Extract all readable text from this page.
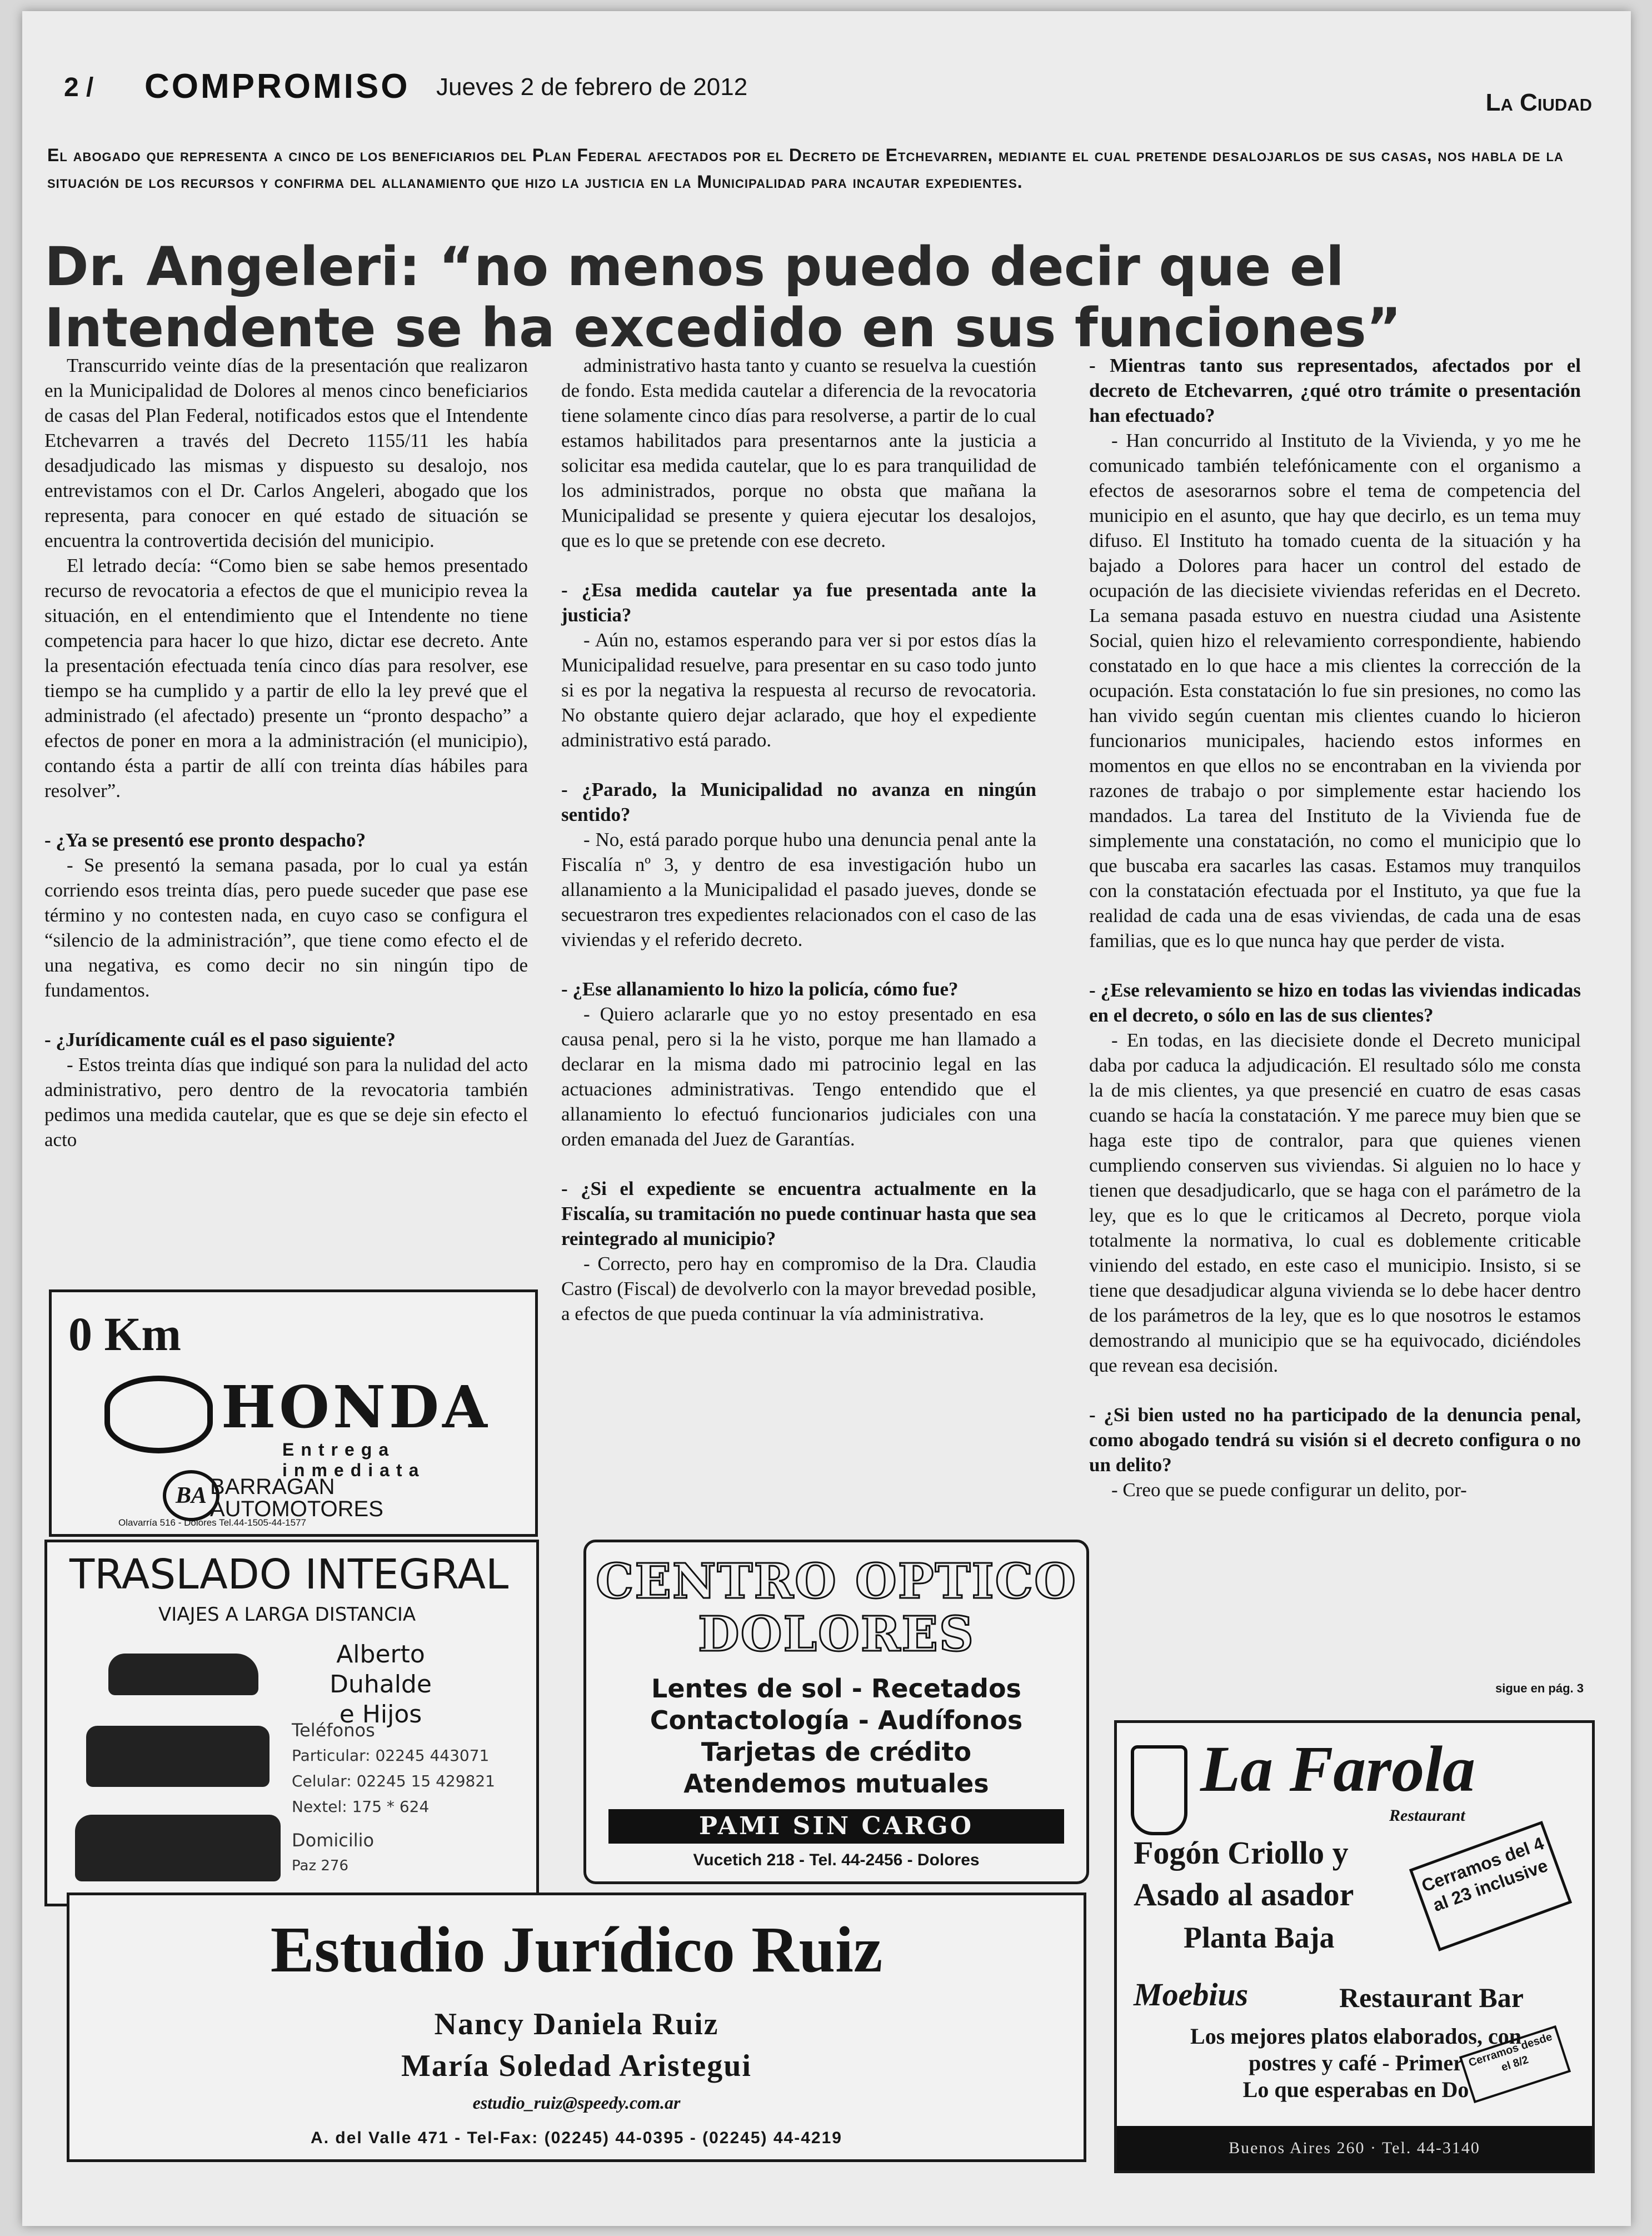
2 / COMPROMISO Jueves 2 de febrero de 2012
La Ciudad
El abogado que representa a cinco de los beneficiarios del Plan Federal afectados por el Decreto de Etchevarren, mediante el cual pretende desalojarlos de sus casas, nos habla de la situación de los recursos y confirma del allanamiento que hizo la justicia en la Municipalidad para incautar expedientes.
Dr. Angeleri: “no menos puedo decir que el Intendente se ha excedido en sus funciones”

Transcurrido veinte días de la presentación que realizaron en la Municipalidad de Dolores al menos cinco beneficiarios de casas del Plan Federal, notificados estos que el Intendente Etchevarren a través del Decreto 1155/11 les había desadjudicado las mismas y dispuesto su desalojo, nos entrevistamos con el Dr. Carlos Angeleri, abogado que los representa, para conocer en qué estado de situación se encuentra la controvertida decisión del municipio.

El letrado decía: “Como bien se sabe hemos presentado recurso de revocatoria a efectos de que el municipio revea la situación, en el entendimiento que el Intendente no tiene competencia para hacer lo que hizo, dictar ese decreto. Ante la presentación efectuada tenía cinco días para resolver, ese tiempo se ha cumplido y a partir de ello la ley prevé que el administrado (el afectado) presente un “pronto despacho” a efectos de poner en mora a la administración (el municipio), contando ésta a partir de allí con treinta días hábiles para resolver”.

- ¿Ya se presentó ese pronto despacho?

- Se presentó la semana pasada, por lo cual ya están corriendo esos treinta días, pero puede suceder que pase ese término y no contesten nada, en cuyo caso se configura el “silencio de la administración”, que tiene como efecto el de una negativa, es como decir no sin ningún tipo de fundamentos.

- ¿Jurídicamente cuál es el paso siguiente?

- Estos treinta días que indiqué son para la nulidad del acto administrativo, pero dentro de la revocatoria también pedimos una medida cautelar, que es que se deje sin efecto el acto

administrativo hasta tanto y cuanto se resuelva la cuestión de fondo. Esta medida cautelar a diferencia de la revocatoria tiene solamente cinco días para resolverse, a partir de lo cual estamos habilitados para presentarnos ante la justicia a solicitar esa medida cautelar, que lo es para tranquilidad de los administrados, porque no obsta que mañana la Municipalidad se presente y quiera ejecutar los desalojos, que es lo que se pretende con ese decreto.

- ¿Esa medida cautelar ya fue presentada ante la justicia?

- Aún no, estamos esperando para ver si por estos días la Municipalidad resuelve, para presentar en su caso todo junto si es por la negativa la respuesta al recurso de revocatoria. No obstante quiero dejar aclarado, que hoy el expediente administrativo está parado.

- ¿Parado, la Municipalidad no avanza en ningún sentido?

- No, está parado porque hubo una denuncia penal ante la Fiscalía nº 3, y dentro de esa investigación hubo un allanamiento a la Municipalidad el pasado jueves, donde se secuestraron tres expedientes relacionados con el caso de las viviendas y el referido decreto.

- ¿Ese allanamiento lo hizo la policía, cómo fue?

- Quiero aclararle que yo no estoy presentado en esa causa penal, pero si la he visto, porque me han llamado a declarar en la misma dado mi patrocinio legal en las actuaciones administrativas. Tengo entendido que el allanamiento lo efectuó funcionarios judiciales con una orden emanada del Juez de Garantías.

- ¿Si el expediente se encuentra actualmente en la Fiscalía, su tramitación no puede continuar hasta que sea reintegrado al municipio?

- Correcto, pero hay en compromiso de la Dra. Claudia Castro (Fiscal) de devolverlo con la mayor brevedad posible, a efectos de que pueda continuar la vía administrativa.

- Mientras tanto sus representados, afectados por el decreto de Etchevarren, ¿qué otro trámite o presentación han efectuado?

- Han concurrido al Instituto de la Vivienda, y yo me he comunicado también telefónicamente con el organismo a efectos de asesorarnos sobre el tema de competencia del municipio en el asunto, que hay que decirlo, es un tema muy difuso. El Instituto ha tomado cuenta de la situación y ha bajado a Dolores para hacer un control del estado de ocupación de las diecisiete viviendas referidas en el Decreto. La semana pasada estuvo en nuestra ciudad una Asistente Social, quien hizo el relevamiento correspondiente, habiendo constatado en lo que hace a mis clientes la corrección de la ocupación. Esta constatación lo fue sin presiones, no como las han vivido según cuentan mis clientes cuando lo hicieron funcionarios municipales, haciendo estos informes en momentos en que ellos no se encontraban en la vivienda por razones de trabajo o por simplemente estar haciendo los mandados. La tarea del Instituto de la Vivienda fue de simplemente una constatación, no como el municipio que lo que buscaba era sacarles las casas. Estamos muy tranquilos con la constatación efectuada por el Instituto, ya que fue la realidad de cada una de esas viviendas, de cada una de esas familias, que es lo que nunca hay que perder de vista.

- ¿Ese relevamiento se hizo en todas las viviendas indicadas en el decreto, o sólo en las de sus clientes?

- En todas, en las diecisiete donde el Decreto municipal daba por caduca la adjudicación. El resultado sólo me consta la de mis clientes, ya que presencié en cuatro de esas casas cuando se hacía la constatación. Y me parece muy bien que se haga este tipo de contralor, para que quienes vienen cumpliendo conserven sus viviendas. Si alguien no lo hace y tienen que desadjudicarlo, que se haga con el parámetro de la ley, que es lo que le criticamos al Decreto, porque viola totalmente la normativa, lo cual es doblemente criticable viniendo del estado, en este caso el municipio. Insisto, si se tiene que desadjudicar alguna vivienda se lo debe hacer dentro de los parámetros de la ley, que es lo que nosotros le estamos demostrando al municipio que se ha equivocado, diciéndoles que revean esa decisión.

- ¿Si bien usted no ha participado de la denuncia penal, como abogado tendrá su visión si el decreto configura o no un delito?

- Creo que se puede configurar un delito, por-

sigue en pág. 3
0 Km
HONDA
Entrega inmediata
BA BARRAGAN
AUTOMOTORES
Olavarría 516 - Dolores Tel.44-1505-44-1577
TRASLADO INTEGRAL
VIAJES A LARGA DISTANCIA
Alberto Duhalde
e Hijos
Teléfonos
Particular: 02245 443071
Celular: 02245 15 429821
Nextel: 175 * 624
Domicilio
Paz 276
CENTRO OPTICO
DOLORES
Lentes de sol - Recetados
Contactología - Audífonos
Tarjetas de crédito
Atendemos mutuales
PAMI SIN CARGO
Vucetich 218 - Tel. 44-2456 - Dolores
Estudio Jurídico Ruiz
Nancy Daniela Ruiz
María Soledad Aristegui
estudio_ruiz@speedy.com.ar
A. del Valle 471 - Tel-Fax: (02245) 44-0395 - (02245) 44-4219
La Farola
Restaurant
Fogón Criollo y
Asado al asador
Planta Baja
Cerramos del 4 al 23 inclusive
Moebius	Restaurant Bar
Los mejores platos elaborados, con
postres y café - Primer
Lo que esperabas en Do
Cerramos desde el 8/2
Buenos Aires 260 · Tel. 44-3140
